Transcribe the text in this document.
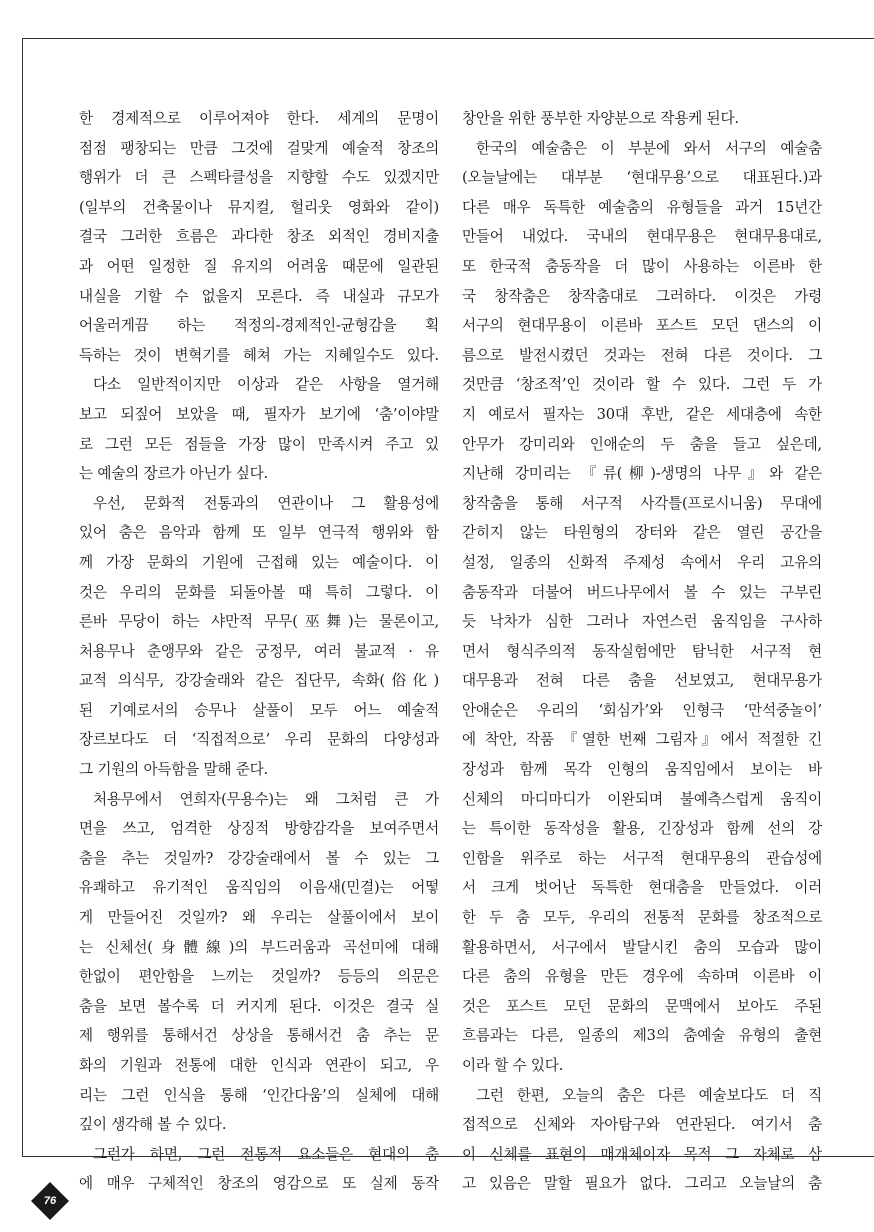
한 경제적으로 이루어져야 한다. 세계의 문명이
점점 팽창되는 만큼 그것에 걸맞게 예술적 창조의
행위가 더 큰 스펙타클성을 지향할 수도 있겠지만
(일부의 건축물이나 뮤지컬, 헐리웃 영화와 같이)
결국 그러한 흐름은 과다한 창조 외적인 경비지출
과 어떤 일정한 질 유지의 어려움 때문에 일관된
내실을 기할 수 없을지 모른다. 즉 내실과 규모가
어울러게끔 하는 적정의-경제적인-균형감을 획
득하는 것이 변혁기를 헤쳐 가는 지혜일수도 있다.
다소 일반적이지만 이상과 같은 사항을 열거해
보고 되짚어 보았을 때, 필자가 보기에 ‘춤’이야말
로 그런 모든 점들을 가장 많이 만족시켜 주고 있
는 예술의 장르가 아닌가 싶다.
우선, 문화적 전통과의 연관이나 그 활용성에
있어 춤은 음악과 함께 또 일부 연극적 행위와 함
께 가장 문화의 기원에 근접해 있는 예술이다. 이
것은 우리의 문화를 되돌아볼 때 특히 그렇다. 이
른바 무당이 하는 샤만적 무무(巫舞)는 물론이고,
처용무나 춘앵무와 같은 궁정무, 여러 불교적 · 유
교적 의식무, 강강술래와 같은 집단무, 속화(俗化)
된 기예로서의 승무나 살풀이 모두 어느 예술적
장르보다도 더 ‘직접적으로’ 우리 문화의 다양성과
그 기원의 아득함을 말해 준다.
처용무에서 연희자(무용수)는 왜 그처럼 큰 가
면을 쓰고, 엄격한 상징적 방향감각을 보여주면서
춤을 추는 것일까? 강강술래에서 볼 수 있는 그
유쾌하고 유기적인 움직임의 이음새(민결)는 어떻
게 만들어진 것일까? 왜 우리는 살풀이에서 보이
는 신체선(身體線)의 부드러움과 곡선미에 대해
한없이 편안함을 느끼는 것일까? 등등의 의문은
춤을 보면 볼수록 더 커지게 된다. 이것은 결국 실
제 행위를 통해서건 상상을 통해서건 춤 추는 문
화의 기원과 전통에 대한 인식과 연관이 되고, 우
리는 그런 인식을 통해 ‘인간다움’의 실체에 대해
깊이 생각해 볼 수 있다.
그런가 하면, 그런 전통적 요소들은 현대의 춤
에 매우 구체적인 창조의 영감으로 또 실제 동작
창안을 위한 풍부한 자양분으로 작용케 된다.
한국의 예술춤은 이 부분에 와서 서구의 예술춤
(오늘날에는 대부분 ‘현대무용’으로 대표된다.)과
다른 매우 독특한 예술춤의 유형들을 과거 15년간
만들어 내었다. 국내의 현대무용은 현대무용대로,
또 한국적 춤동작을 더 많이 사용하는 이른바 한
국 창작춤은 창작춤대로 그러하다. 이것은 가령
서구의 현대무용이 이른바 포스트 모던 댄스의 이
름으로 발전시켰던 것과는 전혀 다른 것이다. 그
것만큼 ‘창조적’인 것이라 할 수 있다. 그런 두 가
지 예로서 필자는 30대 후반, 같은 세대층에 속한
안무가 강미리와 인애순의 두 춤을 들고 싶은데,
지난해 강미리는 『류(柳)-생명의 나무』와 같은
창작춤을 통해 서구적 사각틀(프로시니움) 무대에
갇히지 않는 타원형의 장터와 같은 열린 공간을
설정, 일종의 신화적 주제성 속에서 우리 고유의
춤동작과 더불어 버드나무에서 볼 수 있는 구부린
듯 낙차가 심한 그러나 자연스런 움직임을 구사하
면서 형식주의적 동작실험에만 탐닉한 서구적 현
대무용과 전혀 다른 춤을 선보였고, 현대무용가
안애순은 우리의 ‘회심가’와 인형극 ‘만석중놀이’
에 착안, 작품 『열한 번째 그림자』에서 적절한 긴
장성과 함께 목각 인형의 움직임에서 보이는 바
신체의 마디마디가 이완되며 불예측스럽게 움직이
는 특이한 동작성을 활용, 긴장성과 함께 선의 강
인함을 위주로 하는 서구적 현대무용의 관습성에
서 크게 벗어난 독특한 현대춤을 만들었다. 이러
한 두 춤 모두, 우리의 전통적 문화를 창조적으로
활용하면서, 서구에서 발달시킨 춤의 모습과 많이
다른 춤의 유형을 만든 경우에 속하며 이른바 이
것은 포스트 모던 문화의 문맥에서 보아도 주된
흐름과는 다른, 일종의 제3의 춤예술 유형의 출현
이라 할 수 있다.
그런 한편, 오늘의 춤은 다른 예술보다도 더 직
접적으로 신체와 자아탐구와 연관된다. 여기서 춤
이 신체를 표현의 매개체이자 목적 그 자체로 삼
고 있음은 말할 필요가 없다. 그리고 오늘날의 춤
76
